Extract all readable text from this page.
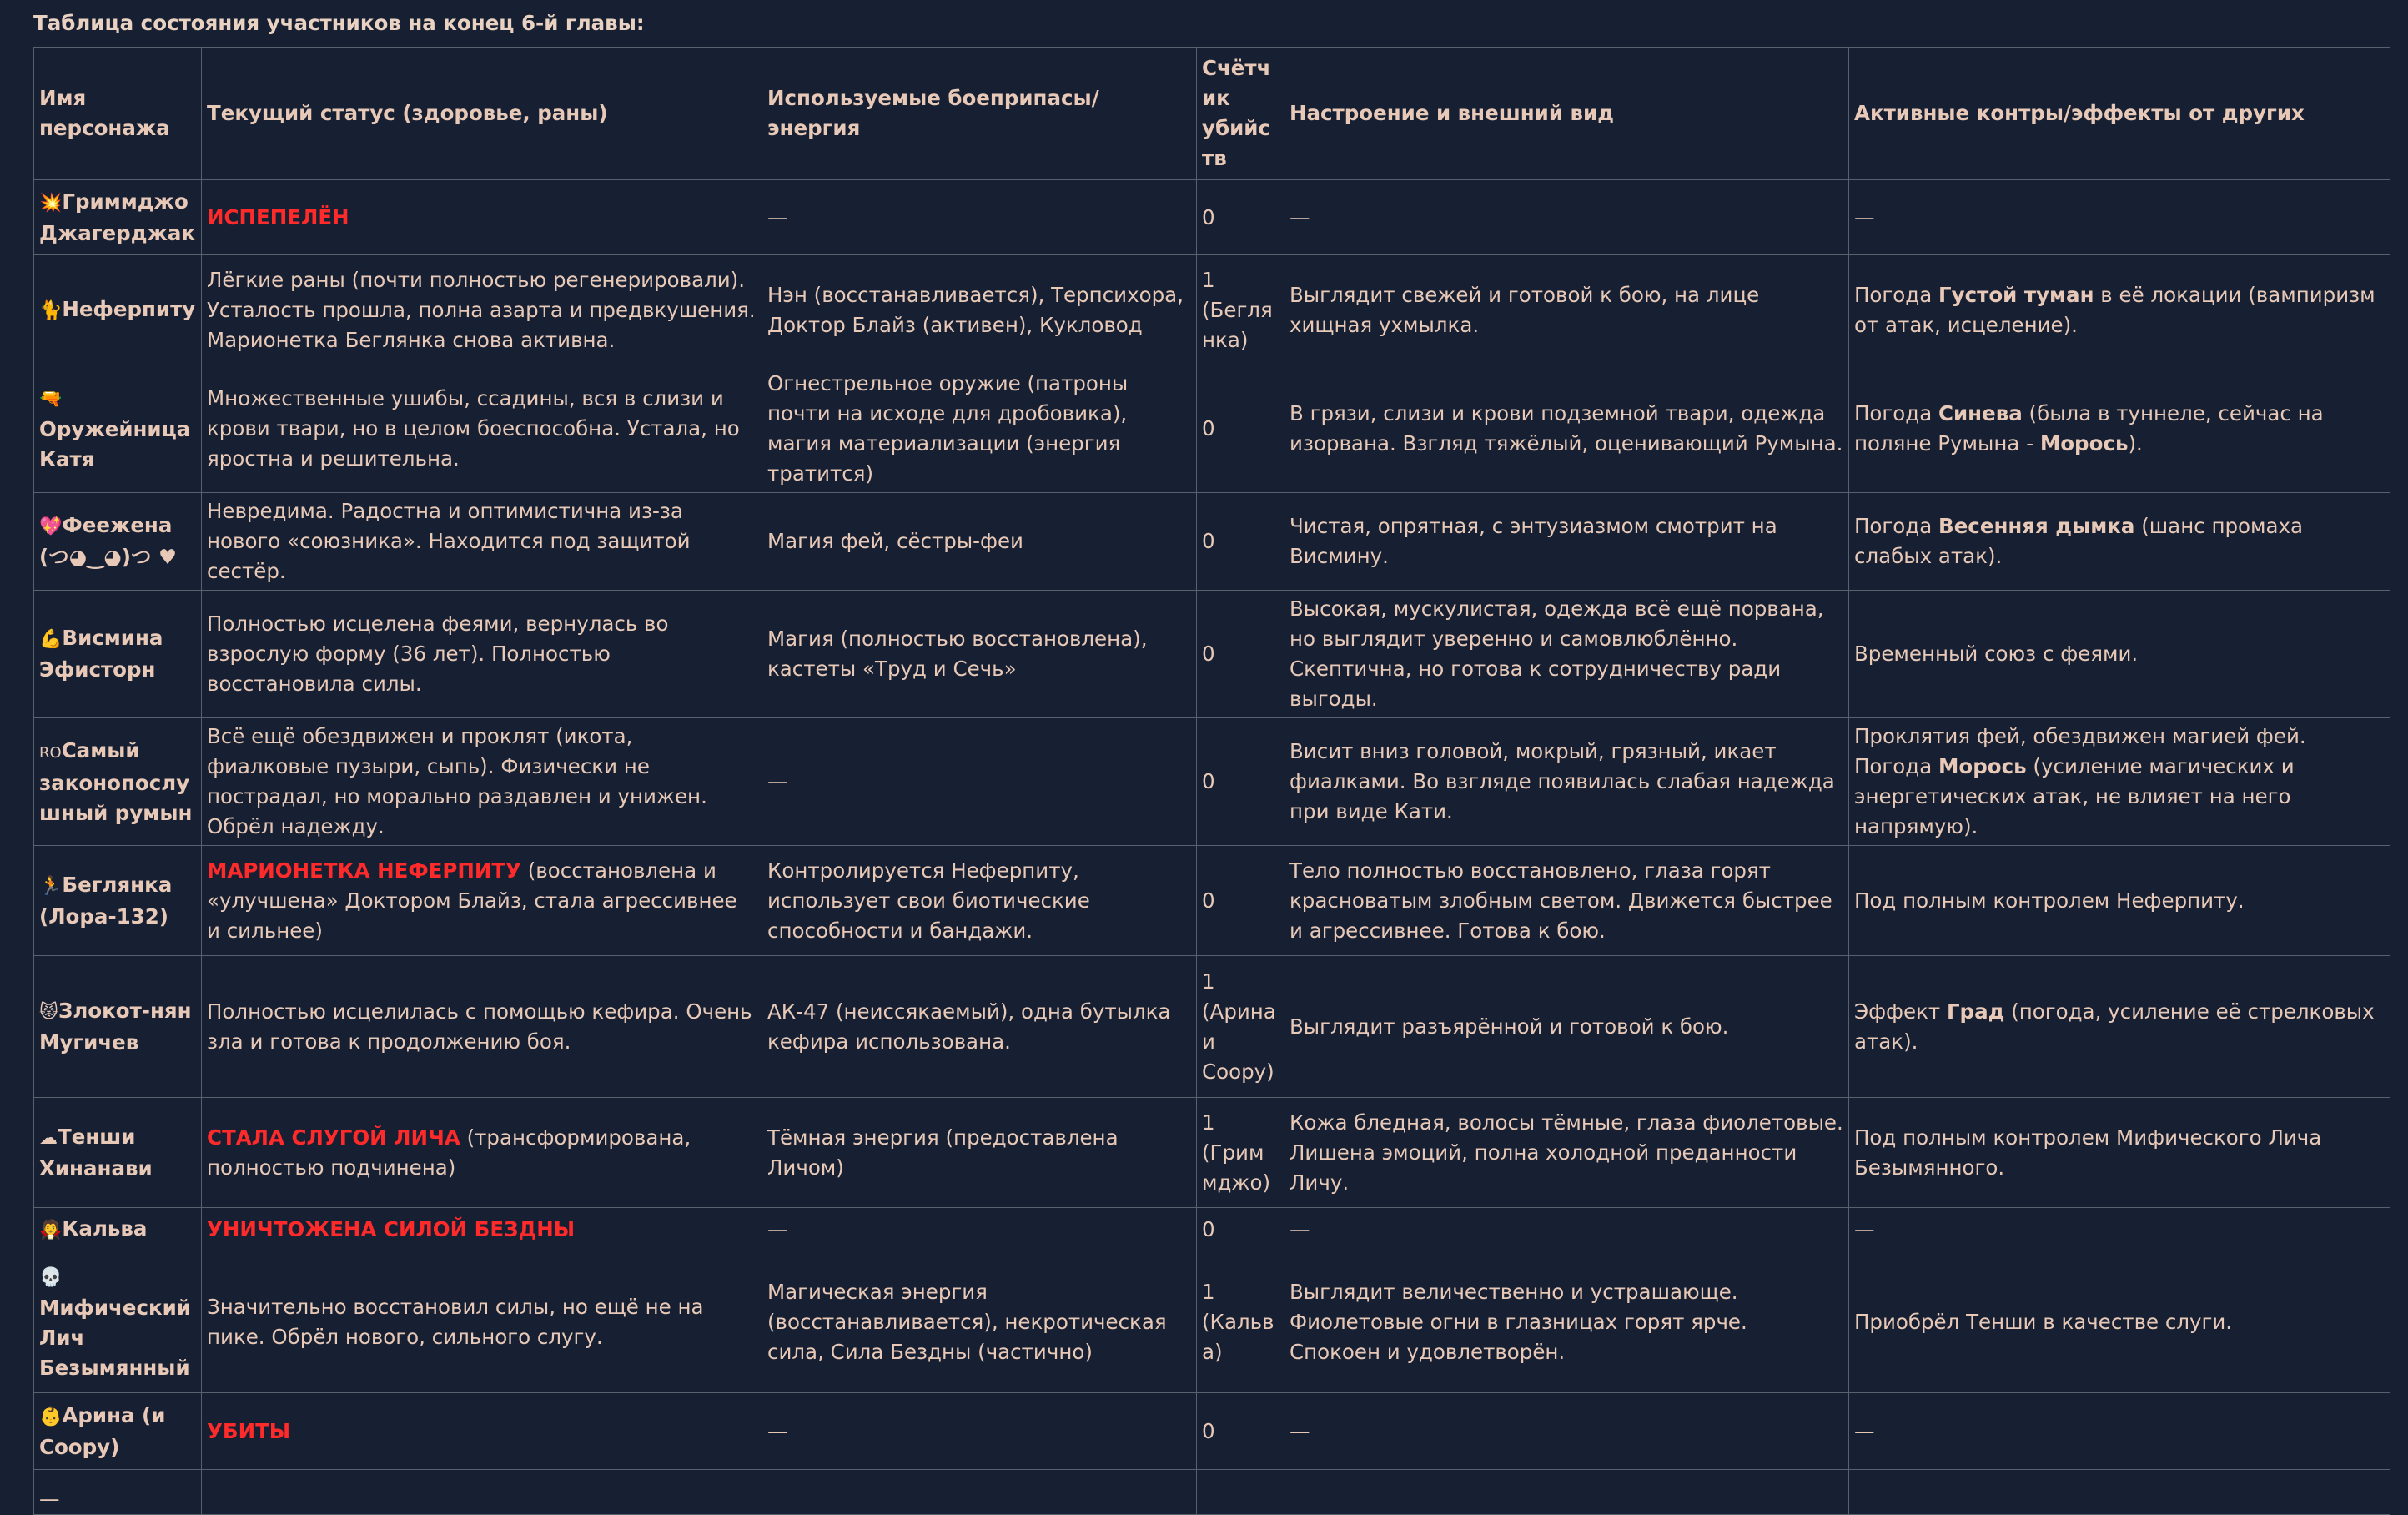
Таблица состояния участников на конец 6-й главы:
Имя персонажа	Текущий статус (здоровье, раны)	Используемые боеприпасы/энергия	Счётчик убийств	Настроение и внешний вид	Активные контры/эффекты от других
💥Гриммджо Джагерджак	ИСПЕПЕЛЁН	—	0	—	—
🐈Неферпиту	Лёгкие раны (почти полностью регенерировали). Усталость прошла, полна азарта и предвкушения. Марионетка Беглянка снова активна.	Нэн (восстанавливается), Терпсихора, Доктор Блайз (активен), Кукловод	1 (Беглянка)	Выглядит свежей и готовой к бою, на лице хищная ухмылка.	Погода Густой туман в её локации (вампиризм от атак, исцеление).
🔫Оружейница Катя	Множественные ушибы, ссадины, вся в слизи и крови твари, но в целом боеспособна. Устала, но яростна и решительна.	Огнестрельное оружие (патроны почти на исходе для дробовика), магия материализации (энергия тратится)	0	В грязи, слизи и крови подземной твари, одежда изорвана. Взгляд тяжёлый, оценивающий Румына.	Погода Синева (была в туннеле, сейчас на поляне Румына - Морось).
💖Феежена (つ◕‿◕)つ ♥	Невредима. Радостна и оптимистична из-за нового «союзника». Находится под защитой сестёр.	Магия фей, сёстры-феи	0	Чистая, опрятная, с энтузиазмом смотрит на Висмину.	Погода Весенняя дымка (шанс промаха слабых атак).
💪Висмина Эфисторн	Полностью исцелена феями, вернулась во взрослую форму (36 лет). Полностью восстановила силы.	Магия (полностью восстановлена), кастеты «Труд и Сечь»	0	Высокая, мускулистая, одежда всё ещё порвана, но выглядит уверенно и самовлюблённо. Скептична, но готова к сотрудничеству ради выгоды.	Временный союз с феями.
ROСамый законопослушный румын	Всё ещё обездвижен и проклят (икота, фиалковые пузыри, сыпь). Физически не пострадал, но морально раздавлен и унижен. Обрёл надежду.	—	0	Висит вниз головой, мокрый, грязный, икает фиалками. Во взгляде появилась слабая надежда при виде Кати.	Проклятия фей, обездвижен магией фей. Погода Морось (усиление магических и энергетических атак, не влияет на него напрямую).
🏃Беглянка (Лора-132)	МАРИОНЕТКА НЕФЕРПИТУ (восстановлена и «улучшена» Доктором Блайз, стала агрессивнее и сильнее)	Контролируется Неферпиту, использует свои биотические способности и бандажи.	0	Тело полностью восстановлено, глаза горят красноватым злобным светом. Движется быстрее и агрессивнее. Готова к бою.	Под полным контролем Неферпиту.
😾Злокот-нян Мугичев	Полностью исцелилась с помощью кефира. Очень зла и готова к продолжению боя.	АК-47 (неиссякаемый), одна бутылка кефира использована.	1 (Арина и Соору)	Выглядит разъярённой и готовой к бою.	Эффект Град (погода, усиление её стрелковых атак).
☁Тенши Хинанави	СТАЛА СЛУГОЙ ЛИЧА (трансформирована, полностью подчинена)	Тёмная энергия (предоставлена Личом)	1 (Гриммджо)	Кожа бледная, волосы тёмные, глаза фиолетовые. Лишена эмоций, полна холодной преданности Личу.	Под полным контролем Мифического Лича Безымянного.
🧛Кальва	УНИЧТОЖЕНА СИЛОЙ БЕЗДНЫ	—	0	—	—
💀Мифический Лич Безымянный	Значительно восстановил силы, но ещё не на пике. Обрёл нового, сильного слугу.	Магическая энергия (восстанавливается), некротическая сила, Сила Бездны (частично)	1 (Кальва)	Выглядит величественно и устрашающе. Фиолетовые огни в глазницах горят ярче. Спокоен и удовлетворён.	Приобрёл Тенши в качестве слуги.
👶Арина (и Соору)	УБИТЫ	—	0	—	—

—					
